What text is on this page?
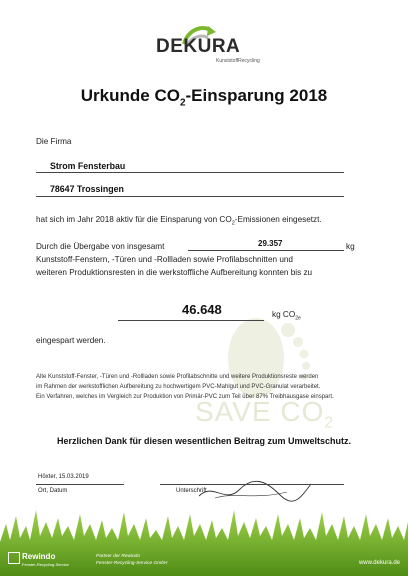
DEKURA
KunststoffRecycling
Urkunde $CO_2$-Einsparung 2018
Die Firma
Strom Fensterbau
78647 Trossingen
hat sich im Jahr 2018 aktiv für die Einsparung von $CO_2$-Emissionen eingesetzt.
Durch die Übergabe von insgesamt	29.357	kg
Kunststoff-Fenstern, -Türen und -Rollladen sowie Profilabschnitten und
weiteren Produktionsresten in die werkstoffliche Aufbereitung konnten bis zu
SAVE $CO_2$
46.648	kg $CO_{2e}$
eingespart werden.
Alte Kunststoff-Fenster, -Türen und -Rollladen sowie Profilabschnitte und weitere Produktionsreste werden
im Rahmen der werkstofflichen Aufbereitung zu hochwertigem PVC-Mahlgut und PVC-Granulat verarbeitet.
Ein Verfahren, welches im Vergleich zur Produktion von Primär-PVC zum Teil über 87% Treibhausgase einspart.
Herzlichen Dank für diesen wesentlichen Beitrag zum Umweltschutz.
Höxter, 15.03.2019
Ort, Datum	Unterschrift
Rewindo
Fenster-Recycling-Service
Partner der Rewindo
Fenster-Recycling-Service GmbH	www.dekura.de
